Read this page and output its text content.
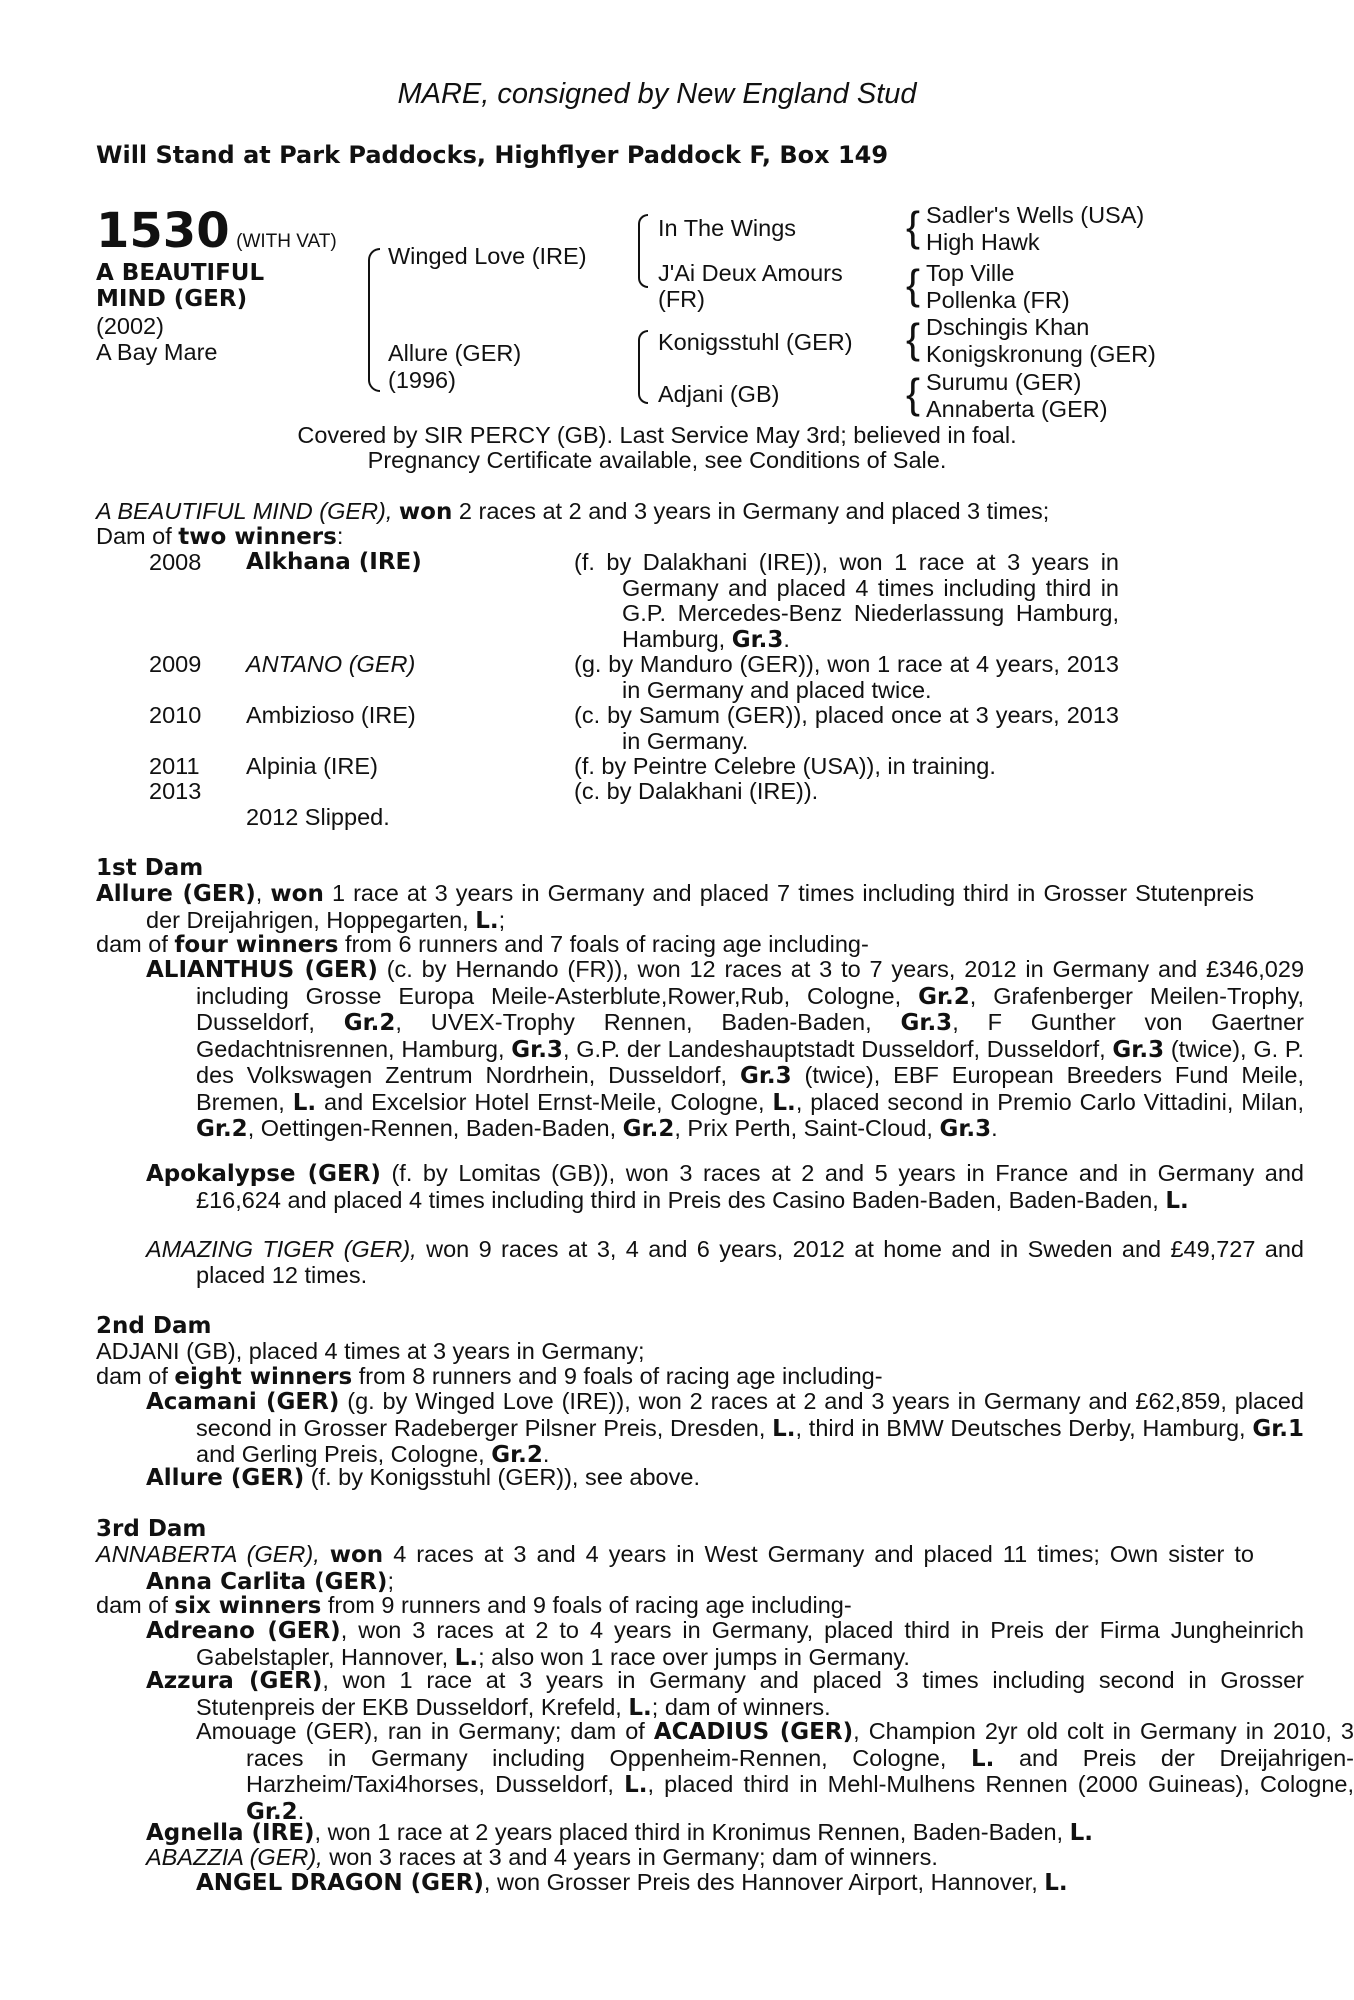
MARE, consigned by New England Stud
Will Stand at Park Paddocks, Highflyer Paddock F, Box 149
1530 (WITH VAT)
A BEAUTIFUL
MIND (GER)
(2002)
A Bay Mare
Winged Love (IRE)
Allure (GER)
(1996)
In The Wings
J'Ai Deux Amours
(FR)
Konigsstuhl (GER)
Adjani (GB)
{ Sadler's Wells (USA)
High Hawk
{ Top Ville
Pollenka (FR)
{ Dschingis Khan
Konigskronung (GER)
{ Surumu (GER)
Annaberta (GER)
Covered by SIR PERCY (GB). Last Service May 3rd; believed in foal.
Pregnancy Certificate available, see Conditions of Sale.
A BEAUTIFUL MIND (GER), won 2 races at 2 and 3 years in Germany and placed 3 times;
Dam of two winners:
2008 Alkhana (IRE)	(f. by Dalakhani (IRE)), won 1 race at 3 years in Germany and placed 4 times including third in G.P. Mercedes-Benz Niederlassung Hamburg, Hamburg, Gr.3.
2009 ANTANO (GER)	(g. by Manduro (GER)), won 1 race at 4 years, 2013 in Germany and placed twice.
2010 Ambizioso (IRE)	(c. by Samum (GER)), placed once at 3 years, 2013 in Germany.
2011 Alpinia (IRE)	(f. by Peintre Celebre (USA)), in training.
2013	(c. by Dalakhani (IRE)).
2012 Slipped.
1st Dam
Allure (GER), won 1 race at 3 years in Germany and placed 7 times including third in Grosser Stutenpreis der Dreijahrigen, Hoppegarten, L.;
dam of four winners from 6 runners and 7 foals of racing age including-
ALIANTHUS (GER) (c. by Hernando (FR)), won 12 races at 3 to 7 years, 2012 in Germany and £346,029 including Grosse Europa Meile-Asterblute,Rower,Rub, Cologne, Gr.2, Grafenberger Meilen-Trophy, Dusseldorf, Gr.2, UVEX-Trophy Rennen, Baden-Baden, Gr.3, F Gunther von Gaertner Gedachtnisrennen, Hamburg, Gr.3, G.P. der Landeshauptstadt Dusseldorf, Dusseldorf, Gr.3 (twice), G. P. des Volkswagen Zentrum Nordrhein, Dusseldorf, Gr.3 (twice), EBF European Breeders Fund Meile, Bremen, L. and Excelsior Hotel Ernst-Meile, Cologne, L., placed second in Premio Carlo Vittadini, Milan, Gr.2, Oettingen-Rennen, Baden-Baden, Gr.2, Prix Perth, Saint-Cloud, Gr.3.
Apokalypse (GER) (f. by Lomitas (GB)), won 3 races at 2 and 5 years in France and in Germany and £16,624 and placed 4 times including third in Preis des Casino Baden-Baden, Baden-Baden, L.
AMAZING TIGER (GER), won 9 races at 3, 4 and 6 years, 2012 at home and in Sweden and £49,727 and placed 12 times.
2nd Dam
ADJANI (GB), placed 4 times at 3 years in Germany;
dam of eight winners from 8 runners and 9 foals of racing age including-
Acamani (GER) (g. by Winged Love (IRE)), won 2 races at 2 and 3 years in Germany and £62,859, placed second in Grosser Radeberger Pilsner Preis, Dresden, L., third in BMW Deutsches Derby, Hamburg, Gr.1 and Gerling Preis, Cologne, Gr.2.
Allure (GER) (f. by Konigsstuhl (GER)), see above.
3rd Dam
ANNABERTA (GER), won 4 races at 3 and 4 years in West Germany and placed 11 times; Own sister to Anna Carlita (GER);
dam of six winners from 9 runners and 9 foals of racing age including-
Adreano (GER), won 3 races at 2 to 4 years in Germany, placed third in Preis der Firma Jungheinrich Gabelstapler, Hannover, L.; also won 1 race over jumps in Germany.
Azzura (GER), won 1 race at 3 years in Germany and placed 3 times including second in Grosser Stutenpreis der EKB Dusseldorf, Krefeld, L.; dam of winners.
Amouage (GER), ran in Germany; dam of ACADIUS (GER), Champion 2yr old colt in Germany in 2010, 3 races in Germany including Oppenheim-Rennen, Cologne, L. and Preis der Dreijahrigen-Harzheim/Taxi4horses, Dusseldorf, L., placed third in Mehl-Mulhens Rennen (2000 Guineas), Cologne, Gr.2.
Agnella (IRE), won 1 race at 2 years placed third in Kronimus Rennen, Baden-Baden, L.
ABAZZIA (GER), won 3 races at 3 and 4 years in Germany; dam of winners.
ANGEL DRAGON (GER), won Grosser Preis des Hannover Airport, Hannover, L.
